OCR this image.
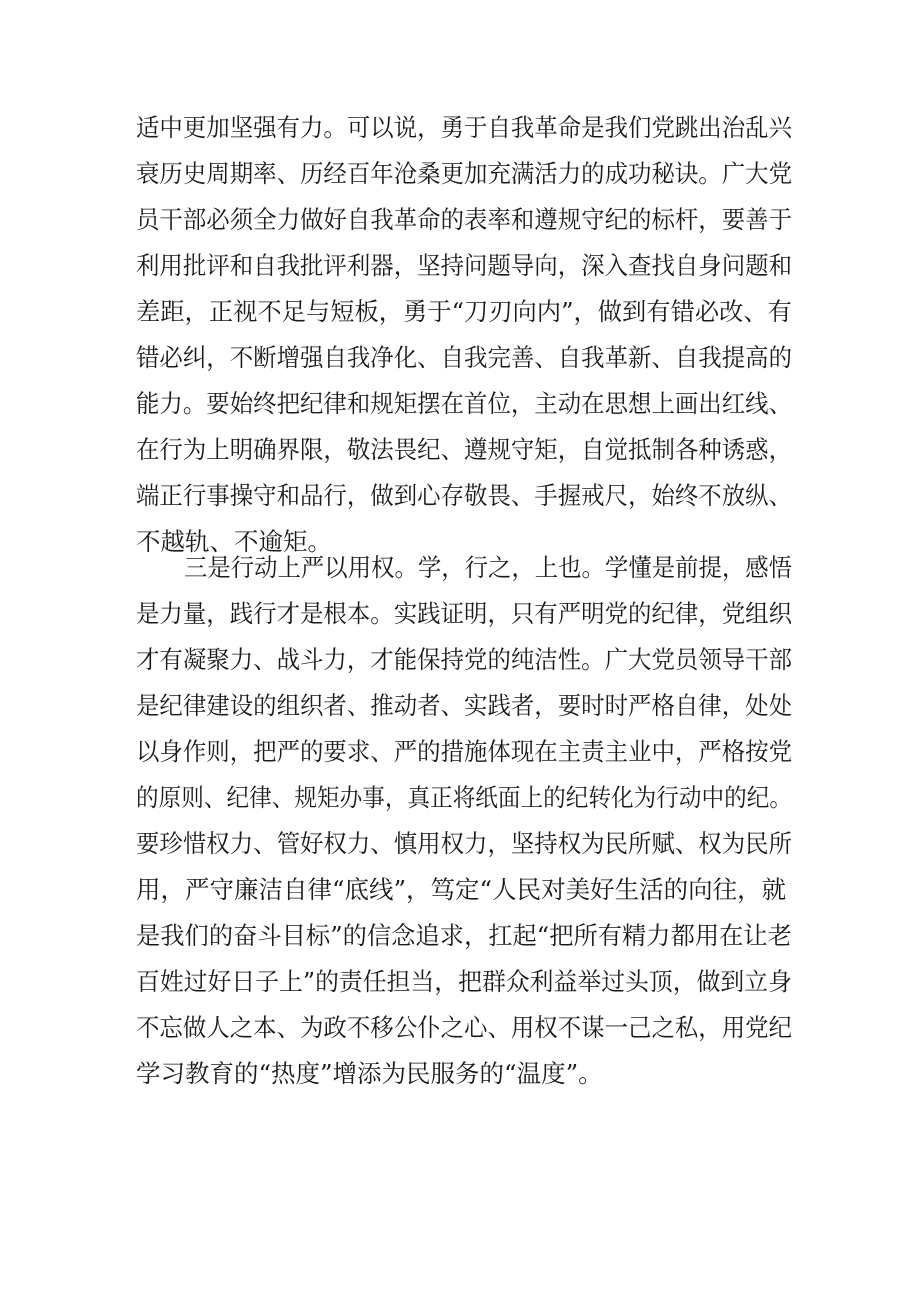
适中更加坚强有力。可以说，勇于自我革命是我们党跳出治乱兴
衰历史周期率、历经百年沧桑更加充满活力的成功秘诀。广大党
员干部必须全力做好自我革命的表率和遵规守纪的标杆，要善于
利用批评和自我批评利器，坚持问题导向，深入查找自身问题和
差距，正视不足与短板，勇于“刀刃向内”，做到有错必改、有
错必纠，不断增强自我净化、自我完善、自我革新、自我提高的
能力。要始终把纪律和规矩摆在首位，主动在思想上画出红线、
在行为上明确界限，敬法畏纪、遵规守矩，自觉抵制各种诱惑，
端正行事操守和品行，做到心存敬畏、手握戒尺，始终不放纵、
不越轨、不逾矩。
三是行动上严以用权。学，行之，上也。学懂是前提，感悟
是力量，践行才是根本。实践证明，只有严明党的纪律，党组织
才有凝聚力、战斗力，才能保持党的纯洁性。广大党员领导干部
是纪律建设的组织者、推动者、实践者，要时时严格自律，处处
以身作则，把严的要求、严的措施体现在主责主业中，严格按党
的原则、纪律、规矩办事，真正将纸面上的纪转化为行动中的纪。
要珍惜权力、管好权力、慎用权力，坚持权为民所赋、权为民所
用，严守廉洁自律“底线”，笃定“人民对美好生活的向往，就
是我们的奋斗目标”的信念追求，扛起“把所有精力都用在让老
百姓过好日子上”的责任担当，把群众利益举过头顶，做到立身
不忘做人之本、为政不移公仆之心、用权不谋一己之私，用党纪
学习教育的“热度”增添为民服务的“温度”。
